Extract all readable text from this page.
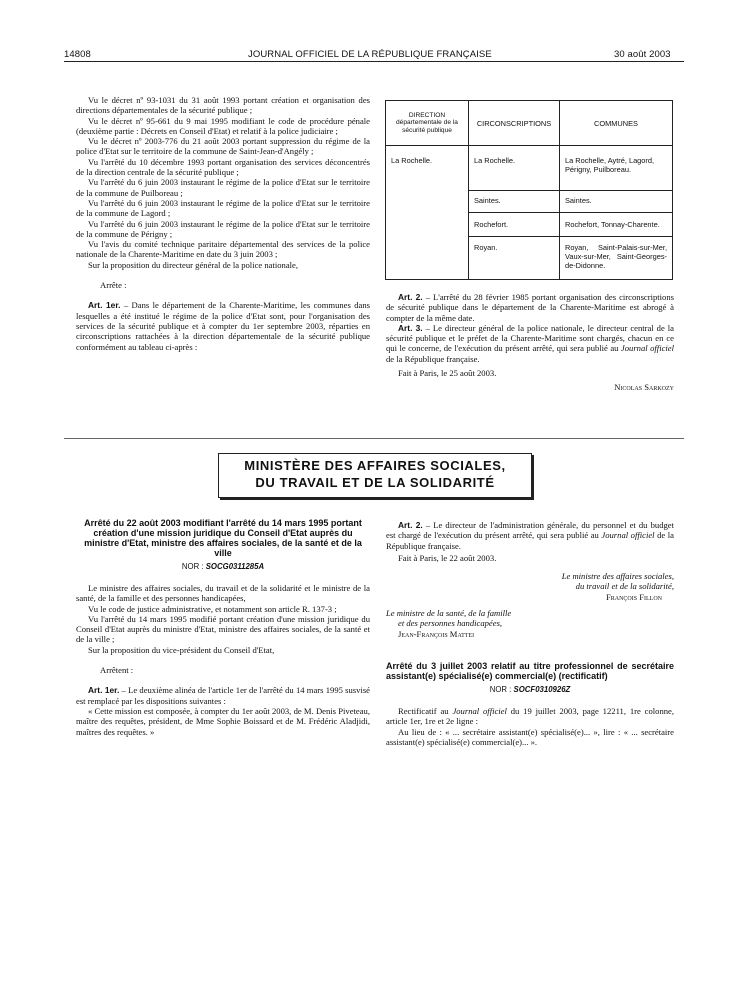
14808	JOURNAL OFFICIEL DE LA RÉPUBLIQUE FRANÇAISE	30 août 2003

Vu le décret nº 93-1031 du 31 août 1993 portant création et organisation des directions départementales de la sécurité publique ;

Vu le décret nº 95-661 du 9 mai 1995 modifiant le code de procédure pénale (deuxième partie : Décrets en Conseil d'Etat) et relatif à la police judiciaire ;

Vu le décret nº 2003-776 du 21 août 2003 portant suppression du régime de la police d'Etat sur le territoire de la commune de Saint-Jean-d'Angély ;

Vu l'arrêté du 10 décembre 1993 portant organisation des services déconcentrés de la direction centrale de la sécurité publique ;

Vu l'arrêté du 6 juin 2003 instaurant le régime de la police d'Etat sur le territoire de la commune de Puilboreau ;

Vu l'arrêté du 6 juin 2003 instaurant le régime de la police d'Etat sur le territoire de la commune de Lagord ;

Vu l'arrêté du 6 juin 2003 instaurant le régime de la police d'Etat sur le territoire de la commune de Périgny ;

Vu l'avis du comité technique paritaire départemental des services de la police nationale de la Charente-Maritime en date du 3 juin 2003 ;

Sur la proposition du directeur général de la police nationale,

Arrête :

Art. 1er. – Dans le département de la Charente-Maritime, les communes dans lesquelles a été institué le régime de la police d'Etat sont, pour l'organisation des services de la sécurité publique et à compter du 1er septembre 2003, réparties en circonscriptions rattachées à la direction départementale de la sécurité publique conformément au tableau ci-après :

DIRECTION départementale de la sécurité publique	CIRCONSCRIPTIONS	COMMUNES
La Rochelle.	La Rochelle.	La Rochelle, Aytré, Lagord, Périgny, Puilboreau.
	Saintes.	Saintes.
	Rochefort.	Rochefort, Tonnay-Charente.
	Royan.	Royan, Saint-Palais-sur-Mer, Vaux-sur-Mer, Saint-Georges-de-Didonne.

Art. 2. – L'arrêté du 28 février 1985 portant organisation des circonscriptions de sécurité publique dans le département de la Charente-Maritime est abrogé à compter de la même date.

Art. 3. – Le directeur général de la police nationale, le directeur central de la sécurité publique et le préfet de la Charente-Maritime sont chargés, chacun en ce qui le concerne, de l'exécution du présent arrêté, qui sera publié au Journal officiel de la République française.

Fait à Paris, le 25 août 2003.

Nicolas Sarkozy

MINISTÈRE DES AFFAIRES SOCIALES,
DU TRAVAIL ET DE LA SOLIDARITÉ
Arrêté du 22 août 2003 modifiant l'arrêté du 14 mars 1995 portant création d'une mission juridique du Conseil d'Etat auprès du ministre d'Etat, ministre des affaires sociales, de la santé et de la ville
NOR : SOCG0311285A

Le ministre des affaires sociales, du travail et de la solidarité et le ministre de la santé, de la famille et des personnes handicapées,

Vu le code de justice administrative, et notamment son article R. 137-3 ;

Vu l'arrêté du 14 mars 1995 modifié portant création d'une mission juridique du Conseil d'Etat auprès du ministre d'Etat, ministre des affaires sociales, de la santé et de la ville ;

Sur la proposition du vice-président du Conseil d'Etat,

Arrêtent :

Art. 1er. – Le deuxième alinéa de l'article 1er de l'arrêté du 14 mars 1995 susvisé est remplacé par les dispositions suivantes :

« Cette mission est composée, à compter du 1er août 2003, de M. Denis Piveteau, maître des requêtes, président, de Mme Sophie Boissard et de M. Frédéric Aladjidi, maîtres des requêtes. »

Art. 2. – Le directeur de l'administration générale, du personnel et du budget est chargé de l'exécution du présent arrêté, qui sera publié au Journal officiel de la République française.

Fait à Paris, le 22 août 2003.

Le ministre des affaires sociales,
du travail et de la solidarité,
François Fillon
Le ministre de la santé, de la famille
et des personnes handicapées,
Jean-François Mattei
Arrêté du 3 juillet 2003 relatif au titre professionnel de secrétaire assistant(e) spécialisé(e) commercial(e) (rectificatif)
NOR : SOCF0310926Z

Rectificatif au Journal officiel du 19 juillet 2003, page 12211, 1re colonne, article 1er, 1re et 2e ligne :

Au lieu de : « ... secrétaire assistant(e) spécialisé(e)... », lire : « ... secrétaire assistant(e) spécialisé(e) commercial(e)... ».
